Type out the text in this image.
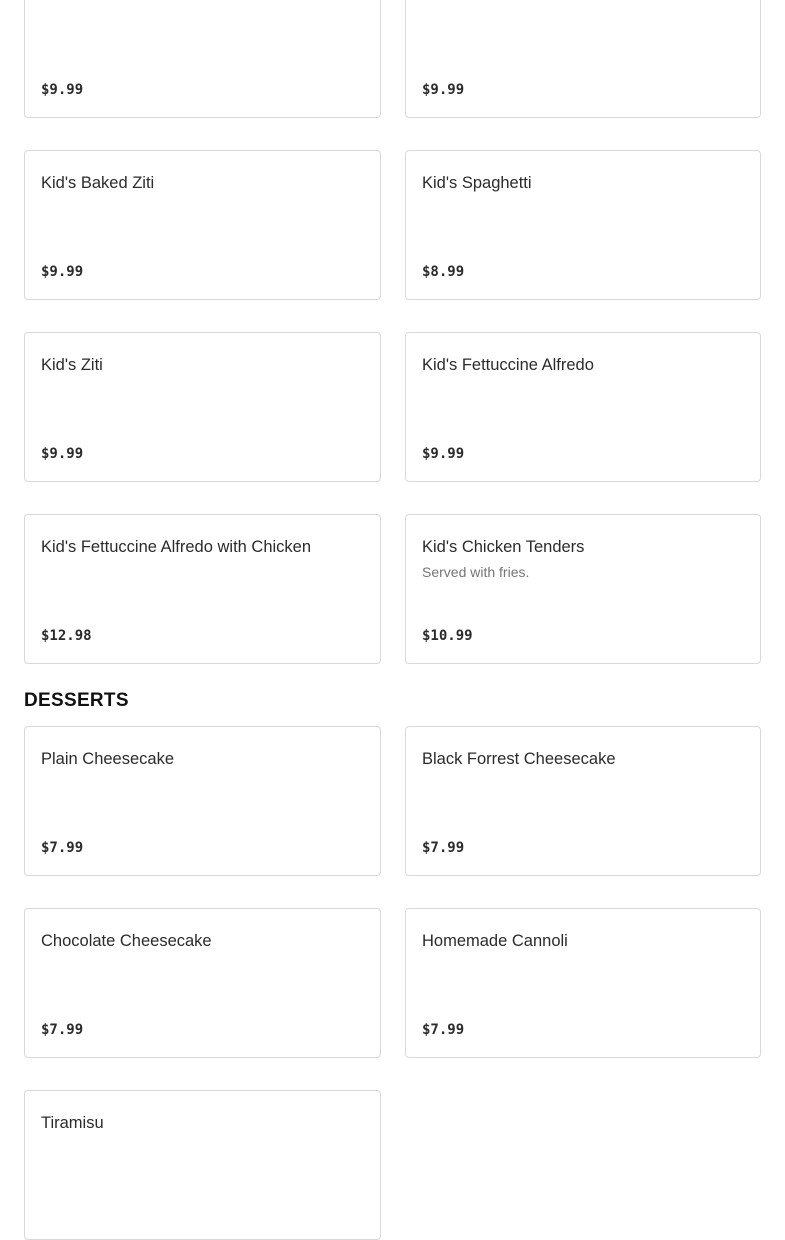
$9.99	$9.99
Kid's Baked Ziti
$9.99
Kid's Spaghetti
$8.99
Kid's Ziti
$9.99
Kid's Fettuccine Alfredo
$9.99
Kid's Fettuccine Alfredo with Chicken
$12.98
Kid's Chicken Tenders
Served with fries.
$10.99
DESSERTS
Plain Cheesecake
$7.99
Black Forrest Cheesecake
$7.99
Chocolate Cheesecake
$7.99
Homemade Cannoli
$7.99
Tiramisu
